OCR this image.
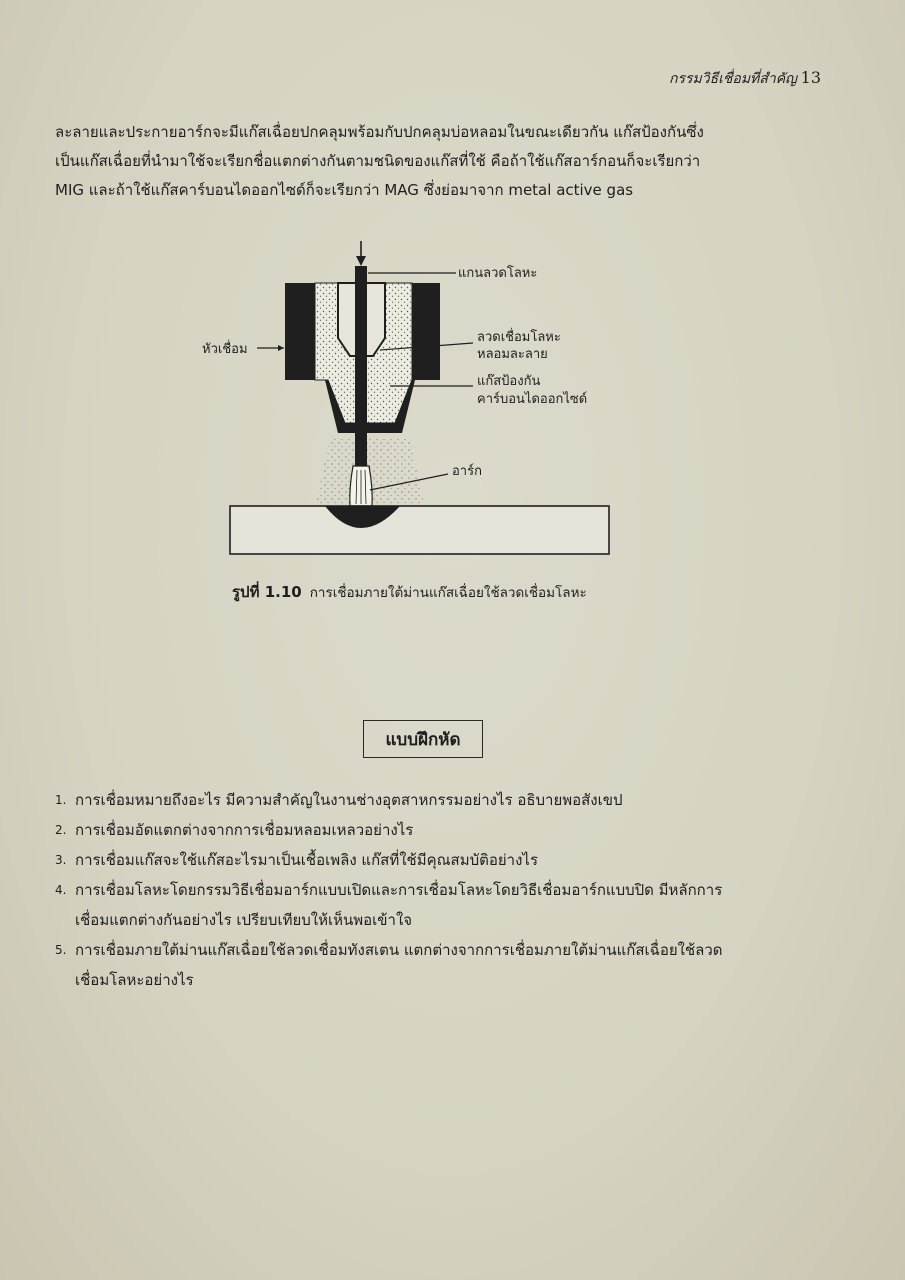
กรรมวิธีเชื่อมที่สำคัญ 13

ละลายและประกายอาร์กจะมีแก๊สเฉื่อยปกคลุมพร้อมกับปกคลุมบ่อหลอมในขณะเดียวกัน แก๊สป้องกันซึ่ง

เป็นแก๊สเฉื่อยที่นำมาใช้จะเรียกชื่อแตกต่างกันตามชนิดของแก๊สที่ใช้ คือถ้าใช้แก๊สอาร์กอนก็จะเรียกว่า

MIG และถ้าใช้แก๊สคาร์บอนไดออกไซด์ก็จะเรียกว่า MAG ซึ่งย่อมาจาก metal active gas

แกนลวดโลหะ
หัวเชื่อม
ลวดเชื่อมโลหะ
หลอมละลาย
แก๊สป้องกัน
คาร์บอนไดออกไซด์
อาร์ก
รูปที่ 1.10 การเชื่อมภายใต้ม่านแก๊สเฉื่อยใช้ลวดเชื่อมโลหะ
แบบฝึกหัด
1. การเชื่อมหมายถึงอะไร มีความสำคัญในงานช่างอุตสาหกรรมอย่างไร อธิบายพอสังเขป
2. การเชื่อมอัดแตกต่างจากการเชื่อมหลอมเหลวอย่างไร
3. การเชื่อมแก๊สจะใช้แก๊สอะไรมาเป็นเชื้อเพลิง แก๊สที่ใช้มีคุณสมบัติอย่างไร
4. การเชื่อมโลหะโดยกรรมวิธีเชื่อมอาร์กแบบเปิดและการเชื่อมโลหะโดยวิธีเชื่อมอาร์กแบบปิด มีหลักการ
เชื่อมแตกต่างกันอย่างไร เปรียบเทียบให้เห็นพอเข้าใจ
5. การเชื่อมภายใต้ม่านแก๊สเฉื่อยใช้ลวดเชื่อมทังสเตน แตกต่างจากการเชื่อมภายใต้ม่านแก๊สเฉื่อยใช้ลวด
เชื่อมโลหะอย่างไร
